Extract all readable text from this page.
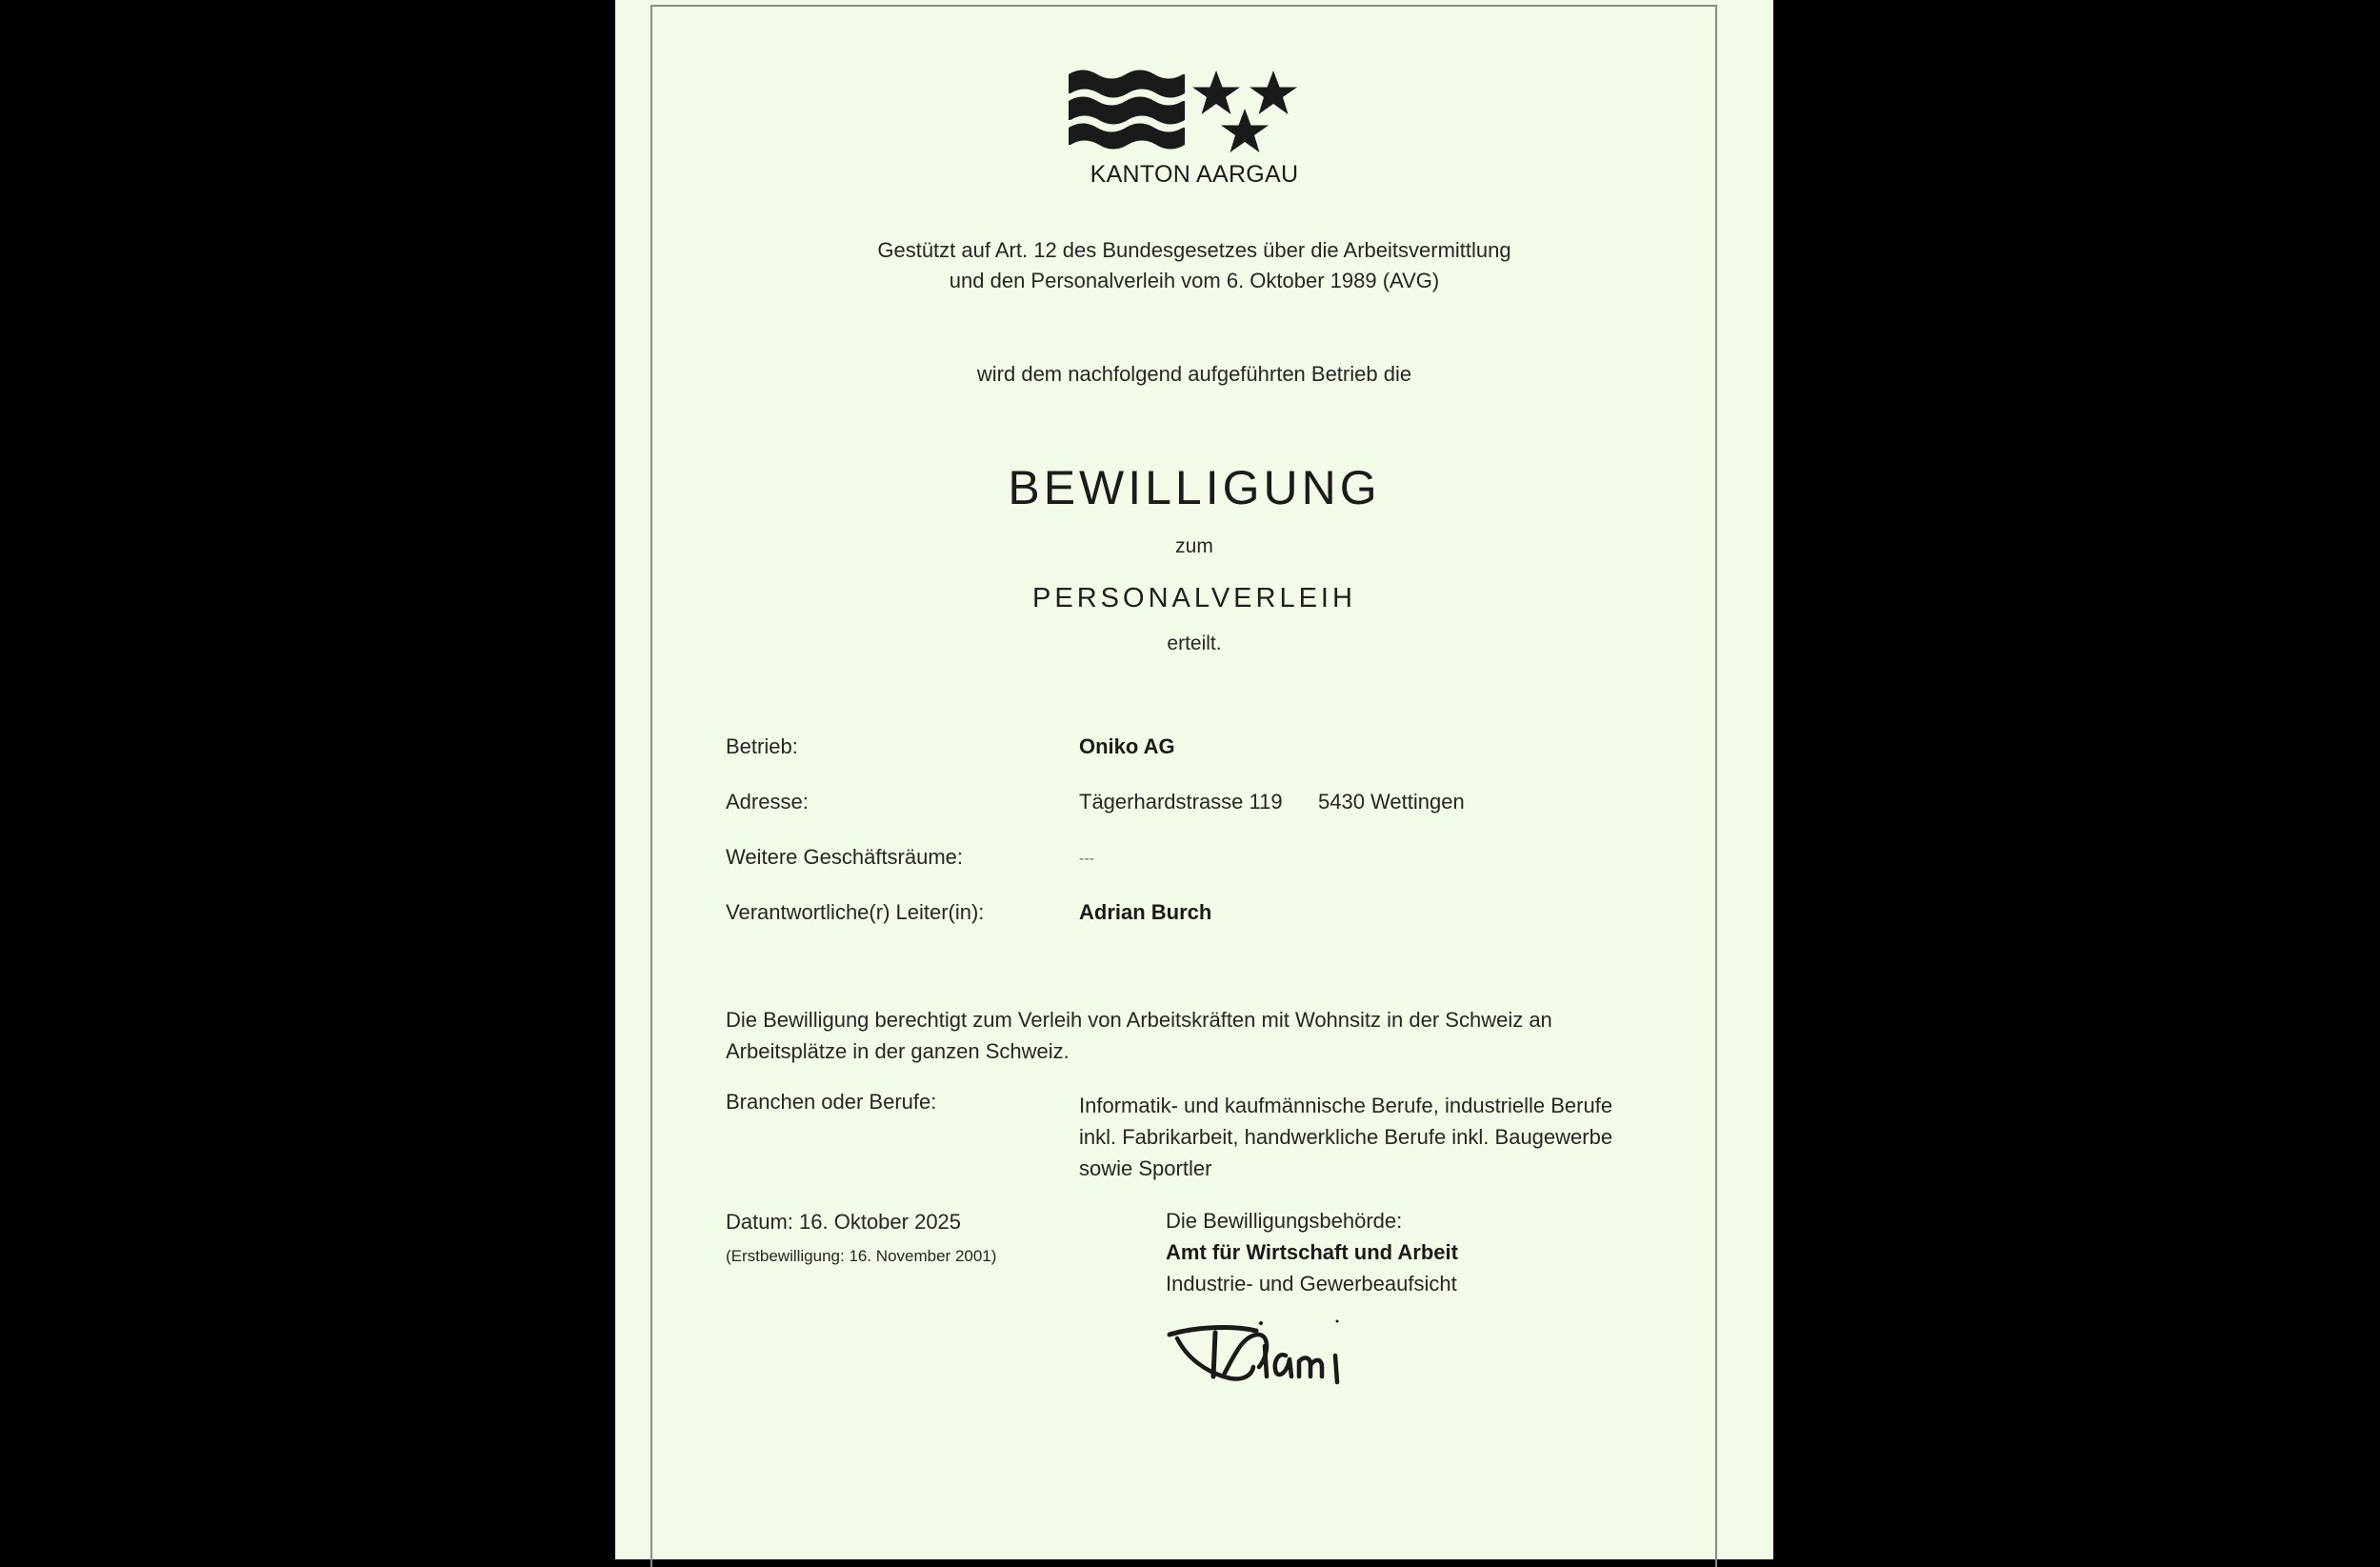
KANTON AARGAU
Gestützt auf Art. 12 des Bundesgesetzes über die Arbeitsvermittlung
und den Personalverleih vom 6. Oktober 1989 (AVG)
wird dem nachfolgend aufgeführten Betrieb die
BEWILLIGUNG
zum
PERSONALVERLEIH
erteilt.
Betrieb:	Oniko AG
Adresse:	Tägerhardstrasse 119 5430 Wettingen
Weitere Geschäftsräume:	---
Verantwortliche(r) Leiter(in):	Adrian Burch
Die Bewilligung berechtigt zum Verleih von Arbeitskräften mit Wohnsitz in der Schweiz an
Arbeitsplätze in der ganzen Schweiz.
Branchen oder Berufe:	Informatik- und kaufmännische Berufe, industrielle Berufe
inkl. Fabrikarbeit, handwerkliche Berufe inkl. Baugewerbe
sowie Sportler
Datum: 16. Oktober 2025
(Erstbewilligung: 16. November 2001)
Die Bewilligungsbehörde:
Amt für Wirtschaft und Arbeit
Industrie- und Gewerbeaufsicht
